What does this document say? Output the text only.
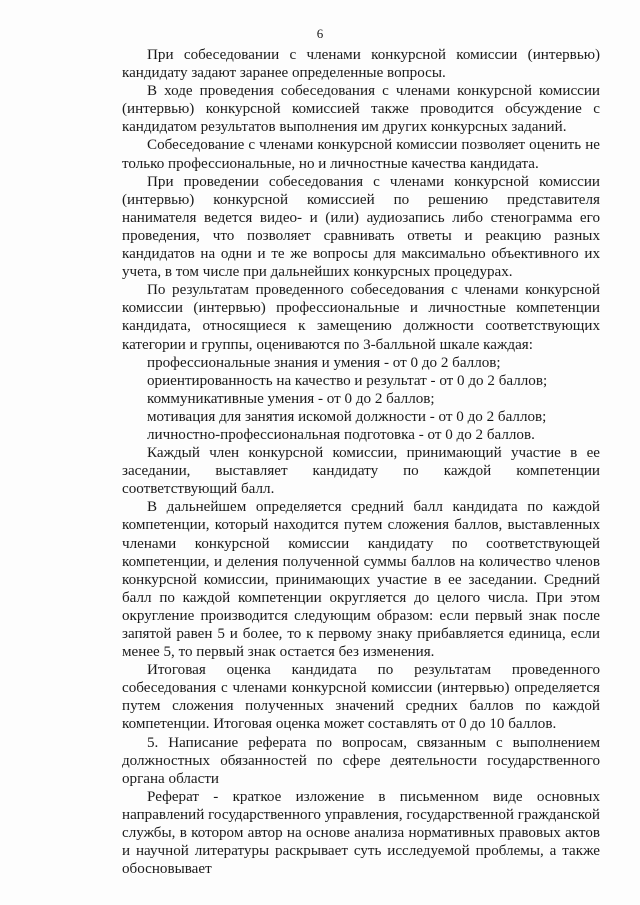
6

При собеседовании с членами конкурсной комиссии (интервью) кандидату задают заранее определенные вопросы.

В ходе проведения собеседования с членами конкурсной комиссии (интервью) конкурсной комиссией также проводится обсуждение с кандидатом результатов выполнения им других конкурсных заданий.

Собеседование с членами конкурсной комиссии позволяет оценить не только профессиональные, но и личностные качества кандидата.

При проведении собеседования с членами конкурсной комиссии (интервью) конкурсной комиссией по решению представителя нанимателя ведется видео- и (или) аудиозапись либо стенограмма его проведения, что позволяет сравнивать ответы и реакцию разных кандидатов на одни и те же вопросы для максимально объективного их учета, в том числе при дальнейших конкурсных процедурах.

По результатам проведенного собеседования с членами конкурсной комиссии (интервью) профессиональные и личностные компетенции кандидата, относящиеся к замещению должности соответствующих категории и группы, оцениваются по 3-балльной шкале каждая:

профессиональные знания и умения - от 0 до 2 баллов;

ориентированность на качество и результат - от 0 до 2 баллов;

коммуникативные умения - от 0 до 2 баллов;

мотивация для занятия искомой должности - от 0 до 2 баллов;

личностно-профессиональная подготовка - от 0 до 2 баллов.

Каждый член конкурсной комиссии, принимающий участие в ее заседании, выставляет кандидату по каждой компетенции соответствующий балл.

В дальнейшем определяется средний балл кандидата по каждой компетенции, который находится путем сложения баллов, выставленных членами конкурсной комиссии кандидату по соответствующей компетенции, и деления полученной суммы баллов на количество членов конкурсной комиссии, принимающих участие в ее заседании. Средний балл по каждой компетенции округляется до целого числа. При этом округление производится следующим образом: если первый знак после запятой равен 5 и более, то к первому знаку прибавляется единица, если менее 5, то первый знак остается без изменения.

Итоговая оценка кандидата по результатам проведенного собеседования с членами конкурсной комиссии (интервью) определяется путем сложения полученных значений средних баллов по каждой компетенции. Итоговая оценка может составлять от 0 до 10 баллов.

5. Написание реферата по вопросам, связанным с выполнением должностных обязанностей по сфере деятельности государственного органа области

Реферат - краткое изложение в письменном виде основных направлений государственного управления, государственной гражданской службы, в котором автор на основе анализа нормативных правовых актов и научной литературы раскрывает суть исследуемой проблемы, а также обосновывает
